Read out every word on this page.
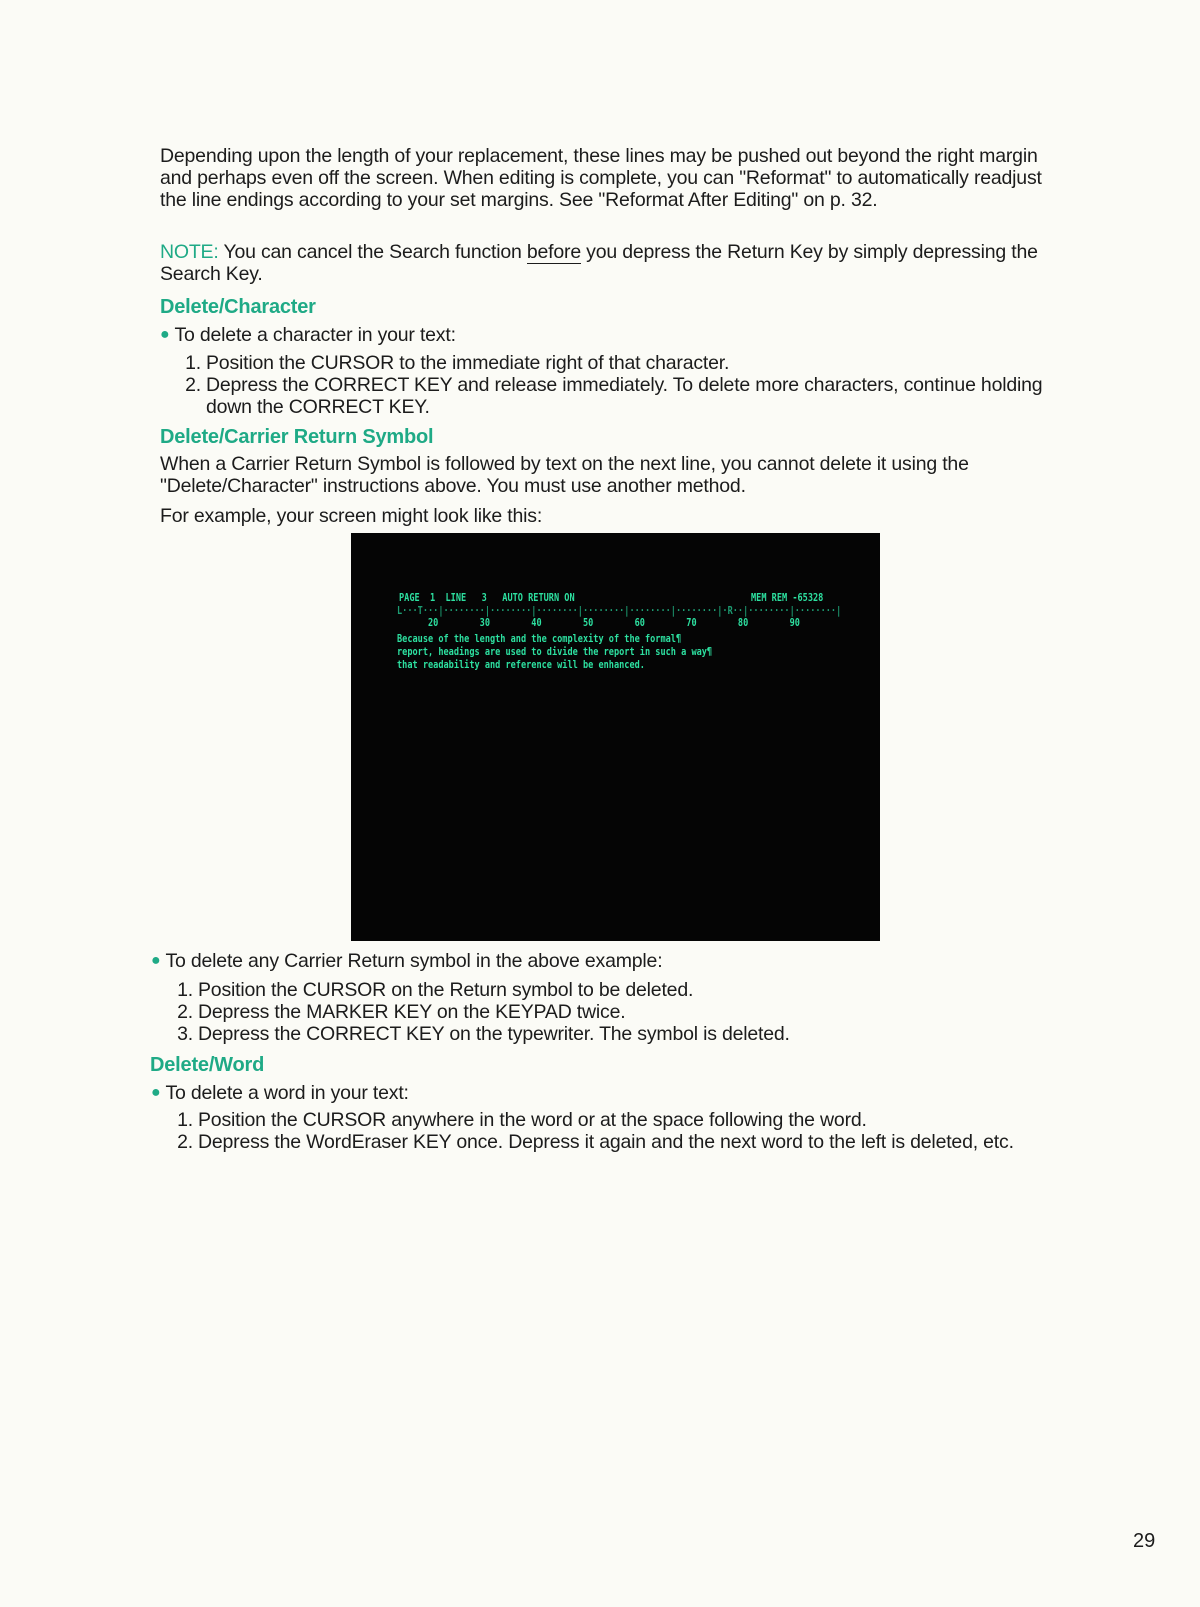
Depending upon the length of your replacement, these lines may be pushed out beyond the right margin and perhaps even off the screen. When editing is complete, you can "Reformat" to automatically readjust the line endings according to your set margins. See "Reformat After Editing" on p. 32.
NOTE: You can cancel the Search function before you depress the Return Key by simply depressing the Search Key.
Delete/Character
● To delete a character in your text:
1. Position the CURSOR to the immediate right of that character.
2. Depress the CORRECT KEY and release immediately. To delete more characters, continue holding down the CORRECT KEY.
Delete/Carrier Return Symbol
When a Carrier Return Symbol is followed by text on the next line, you cannot delete it using the "Delete/Character" instructions above. You must use another method.
For example, your screen might look like this:
PAGE  1  LINE   3   AUTO RETURN ON	MEM REM -65328
L···T···|········|········|········|········|········|········|·R··|········|········|
20        30        40        50        60        70        80        90
Because of the length and the complexity of the formal¶
report, headings are used to divide the report in such a way¶
that readability and reference will be enhanced.
● To delete any Carrier Return symbol in the above example:
1. Position the CURSOR on the Return symbol to be deleted.
2. Depress the MARKER KEY on the KEYPAD twice.
3. Depress the CORRECT KEY on the typewriter. The symbol is deleted.
Delete/Word
● To delete a word in your text:
1. Position the CURSOR anywhere in the word or at the space following the word.
2. Depress the WordEraser KEY once. Depress it again and the next word to the left is deleted, etc.
29
